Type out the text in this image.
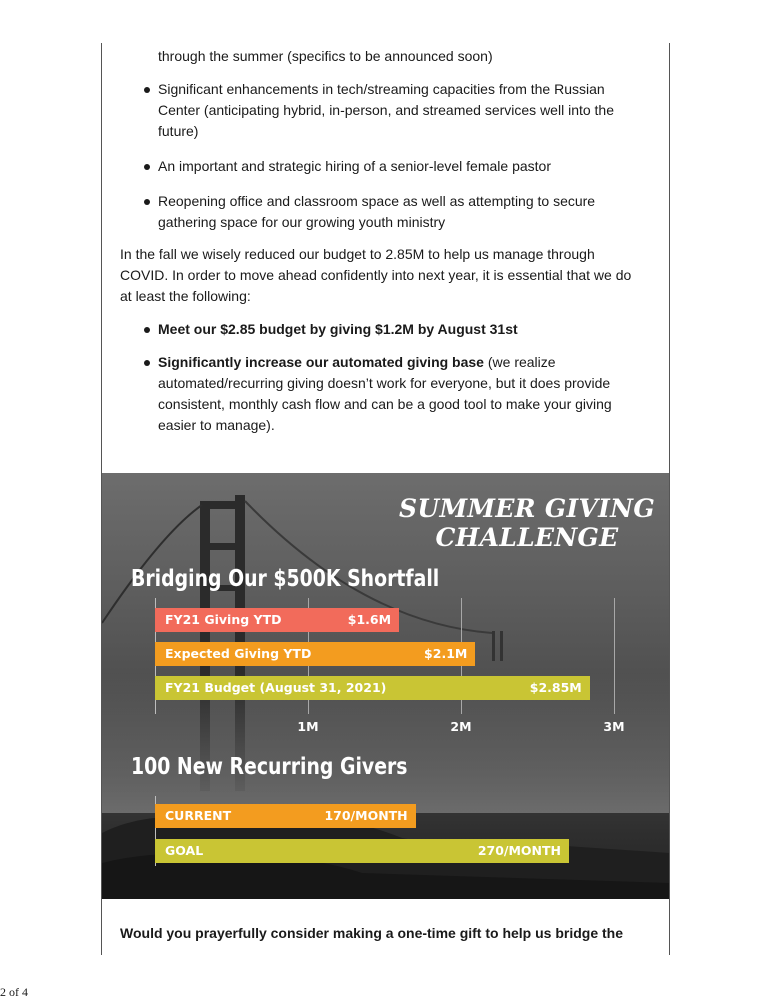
through the summer (specifics to be announced soon)

Significant enhancements in tech/streaming capacities from the Russian Center (anticipating hybrid, in-person, and streamed services well into the future)

An important and strategic hiring of a senior-level female pastor

Reopening office and classroom space as well as attempting to secure gathering space for our growing youth ministry

In the fall we wisely reduced our budget to 2.85M to help us manage through COVID. In order to move ahead confidently into next year, it is essential that we do at least the following:

Meet our $2.85 budget by giving $1.2M by August 31st

Significantly increase our automated giving base (we realize automated/recurring giving doesn’t work for everyone, but it does provide consistent, monthly cash flow and can be a good tool to make your giving easier to manage).

SUMMER GIVING
CHALLENGE
Bridging Our $500K Shortfall
1M	2M	3M
FY21 Giving YTD	$1.6M
Expected Giving YTD	$2.1M
FY21 Budget (August 31, 2021)	$2.85M
100 New Recurring Givers
CURRENT	170/MONTH
GOAL	270/MONTH
Would you prayerfully consider making a one-time gift to help us bridge the
2 of 4
